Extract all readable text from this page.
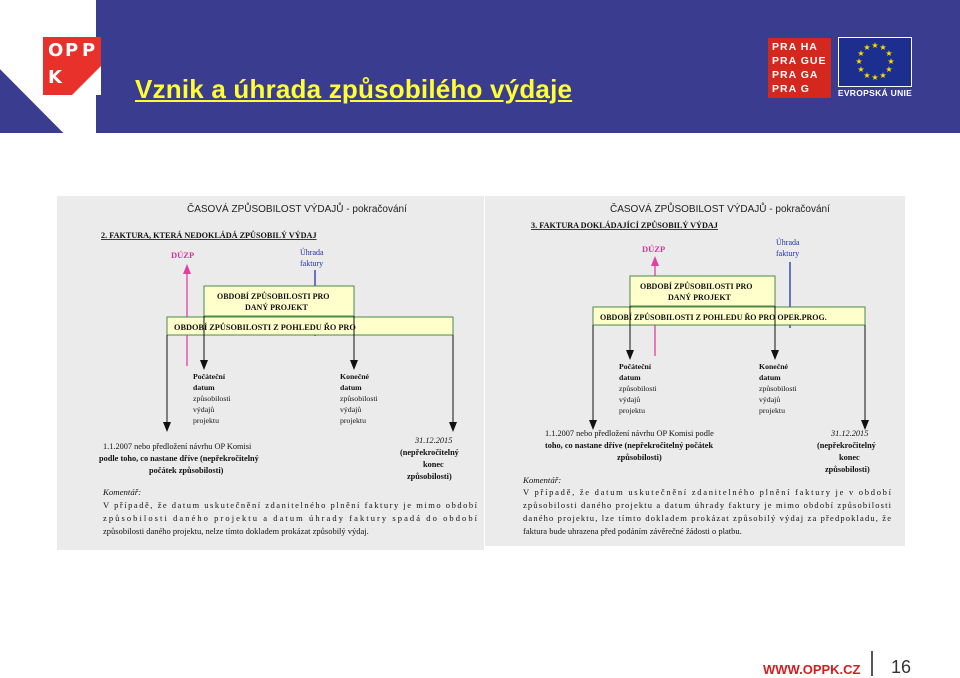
O P P
K	Vznik a úhrada způsobilého výdaje
PRA HA
PRA GUE
PRA GA
PRA G
★ ★
★
★
★
★
★
★
★
★
★
★
EVROPSKÁ UNIE
ČASOVÁ ZPŮSOBILOST VÝDAJŮ - pokračování
2. FAKTURA, KTERÁ NEDOKLÁDÁ ZPŮSOBILÝ VÝDAJ
DÚZP	Úhrada
faktury
OBDOBÍ ZPŮSOBILOSTI PRO
DANÝ PROJEKT
OBDOBÍ ZPŮSOBILOSTI Z POHLEDU ŘO PRO
Počáteční
datum
způsobilosti
výdajů
projektu
Konečné
datum
způsobilosti
výdajů
projektu
1.1.2007 nebo předložení návrhu OP Komisi
podle toho, co nastane dříve (nepřekročitelný
počátek způsobilosti)
31.12.2015
(nepřekročitelný
konec
způsobilosti)
Komentář:
V případě, že datum uskutečnění zdanitelného plnění faktury je mimo období
způsobilosti daného projektu a datum úhrady faktury spadá do období
způsobilosti daného projektu, nelze tímto dokladem prokázat způsobilý výdaj.
ČASOVÁ ZPŮSOBILOST VÝDAJŮ - pokračování
3. FAKTURA DOKLÁDAJÍCÍ ZPŮSOBILÝ VÝDAJ
DÚZP
Úhrada
faktury
OBDOBÍ ZPŮSOBILOSTI PRO
DANÝ PROJEKT
OBDOBÍ ZPŮSOBILOSTI Z POHLEDU ŘO PRO OPER.PROG.
Počáteční
datum
způsobilosti
výdajů
projektu
Konečné
datum
způsobilosti
výdajů
projektu
1.1.2007 nebo předložení návrhu OP Komisi podle
toho, co nastane dříve (nepřekročitelný počátek
způsobilosti)
31.12.2015
(nepřekročitelný
konec
způsobilosti)
Komentář:
V případě, že datum uskutečnění zdanitelného plnění faktury je v období
způsobilosti daného projektu a datum úhrady faktury je mimo období způsobilosti
daného projektu, lze tímto dokladem prokázat způsobilý výdaj za předpokladu, že
faktura bude uhrazena před podáním závěrečné žádosti o platbu.
WWW.OPPK.CZ 16
